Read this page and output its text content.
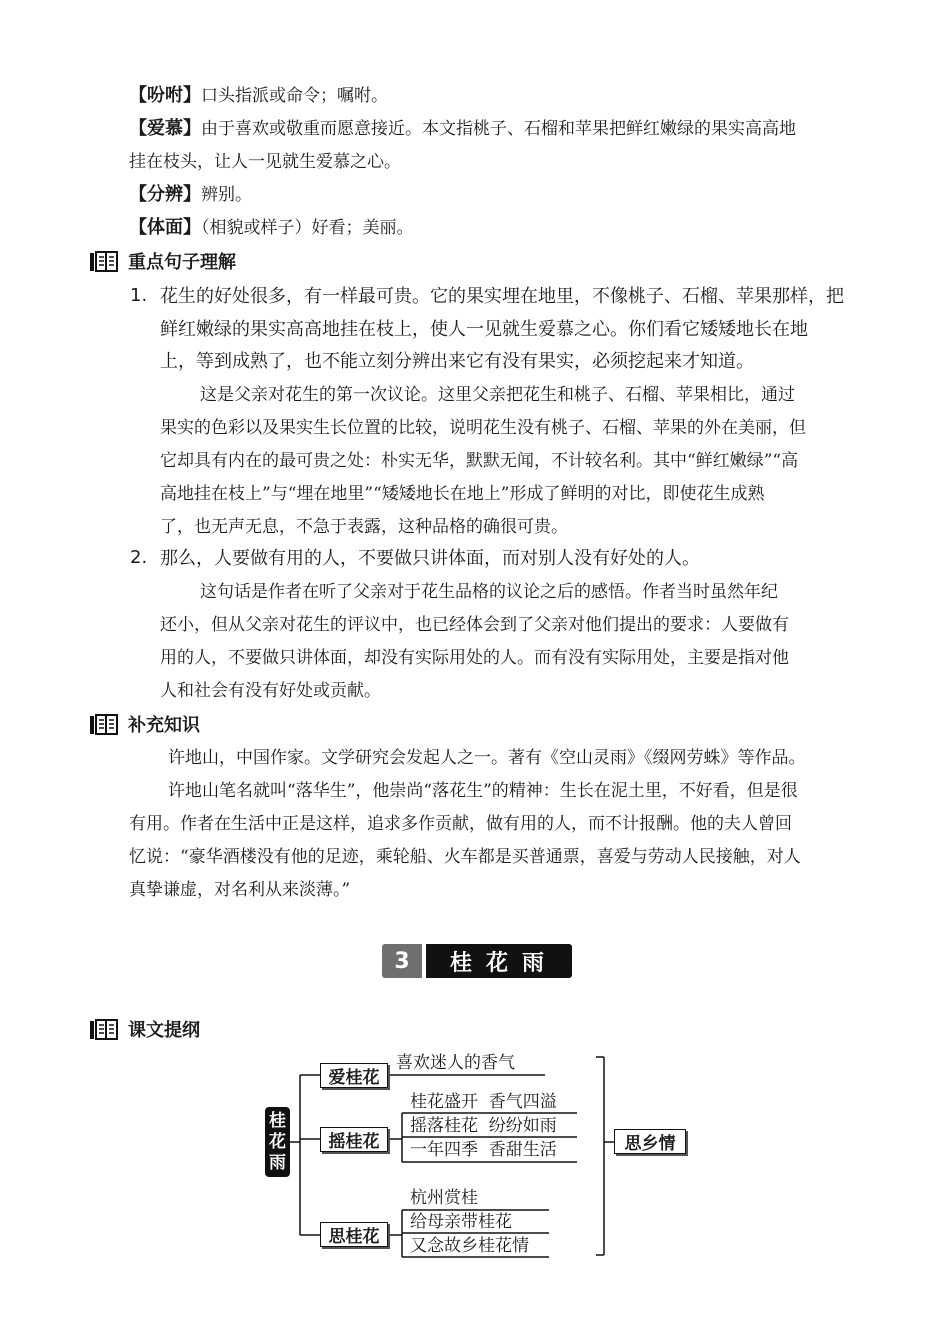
【吩咐】口头指派或命令；嘱咐。
【爱慕】由于喜欢或敬重而愿意接近。本文指桃子、石榴和苹果把鲜红嫩绿的果实高高地
挂在枝头，让人一见就生爱慕之心。
【分辨】辨别。
【体面】（相貌或样子）好看；美丽。
重点句子理解
1. 花生的好处很多，有一样最可贵。它的果实埋在地里，不像桃子、石榴、苹果那样，把
鲜红嫩绿的果实高高地挂在枝上，使人一见就生爱慕之心。你们看它矮矮地长在地
上，等到成熟了，也不能立刻分辨出来它有没有果实，必须挖起来才知道。
这是父亲对花生的第一次议论。这里父亲把花生和桃子、石榴、苹果相比，通过
果实的色彩以及果实生长位置的比较，说明花生没有桃子、石榴、苹果的外在美丽，但
它却具有内在的最可贵之处：朴实无华，默默无闻，不计较名利。其中“鲜红嫩绿”“高
高地挂在枝上”与“埋在地里”“矮矮地长在地上”形成了鲜明的对比，即使花生成熟
了，也无声无息，不急于表露，这种品格的确很可贵。
2. 那么，人要做有用的人，不要做只讲体面，而对别人没有好处的人。
这句话是作者在听了父亲对于花生品格的议论之后的感悟。作者当时虽然年纪
还小，但从父亲对花生的评议中，也已经体会到了父亲对他们提出的要求：人要做有
用的人，不要做只讲体面，却没有实际用处的人。而有没有实际用处，主要是指对他
人和社会有没有好处或贡献。
补充知识
许地山，中国作家。文学研究会发起人之一。著有《空山灵雨》《缀网劳蛛》等作品。
许地山笔名就叫“落华生”，他崇尚“落花生”的精神：生长在泥土里，不好看，但是很
有用。作者在生活中正是这样，追求多作贡献，做有用的人，而不计报酬。他的夫人曾回
忆说：“豪华酒楼没有他的足迹，乘轮船、火车都是买普通票，喜爱与劳动人民接触，对人
真挚谦虚，对名利从来淡薄。”
3	桂花雨
课文提纲
桂
花
雨
爱桂花
摇桂花
思桂花
喜欢迷人的香气
桂花盛开  香气四溢
摇落桂花  纷纷如雨
一年四季  香甜生活
杭州赏桂
给母亲带桂花
又念故乡桂花情
思乡情
